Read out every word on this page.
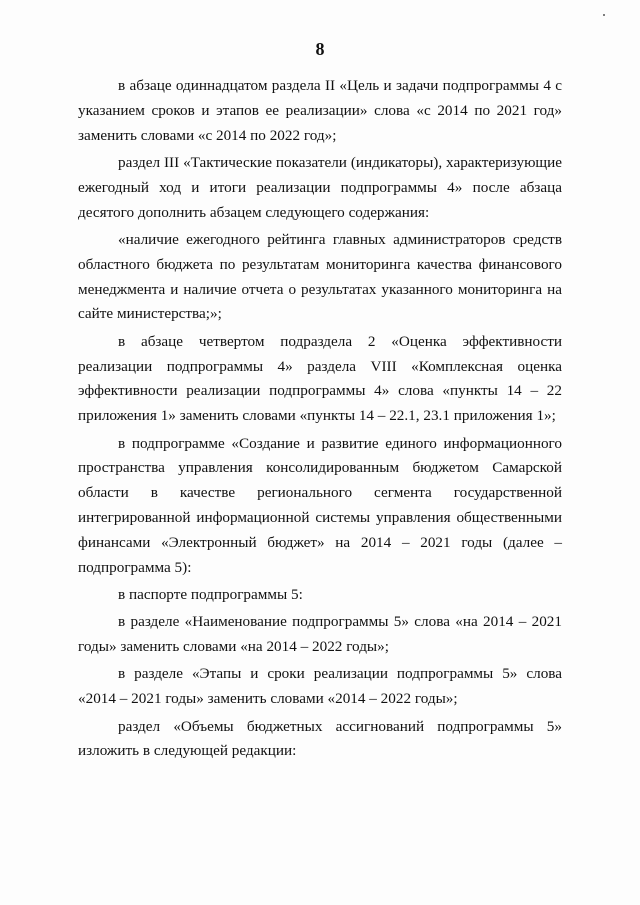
8

в абзаце одиннадцатом раздела II «Цель и задачи подпрограммы 4 с указанием сроков и этапов ее реализации» слова «с 2014 по 2021 год» заменить словами «с 2014 по 2022 год»;

раздел III «Тактические показатели (индикаторы), характеризующие ежегодный ход и итоги реализации подпрограммы 4» после абзаца десятого дополнить абзацем следующего содержания:

«наличие ежегодного рейтинга главных администраторов средств областного бюджета по результатам мониторинга качества финансового менеджмента и наличие отчета о результатах указанного мониторинга на сайте министерства;»;

в абзаце четвертом подраздела 2 «Оценка эффективности реализации подпрограммы 4» раздела VIII «Комплексная оценка эффективности реализации подпрограммы 4» слова «пункты 14 – 22 приложения 1» заменить словами «пункты 14 – 22.1, 23.1 приложения 1»;

в подпрограмме «Создание и развитие единого информационного пространства управления консолидированным бюджетом Самарской области в качестве регионального сегмента государственной интегрированной информационной системы управления общественными финансами «Электронный бюджет» на 2014 – 2021 годы (далее – подпрограмма 5):

в паспорте подпрограммы 5:

в разделе «Наименование подпрограммы 5» слова «на 2014 – 2021 годы» заменить словами «на 2014 – 2022 годы»;

в разделе «Этапы и сроки реализации подпрограммы 5» слова «2014 – 2021 годы» заменить словами «2014 – 2022 годы»;

раздел «Объемы бюджетных ассигнований подпрограммы 5» изложить в следующей редакции:
